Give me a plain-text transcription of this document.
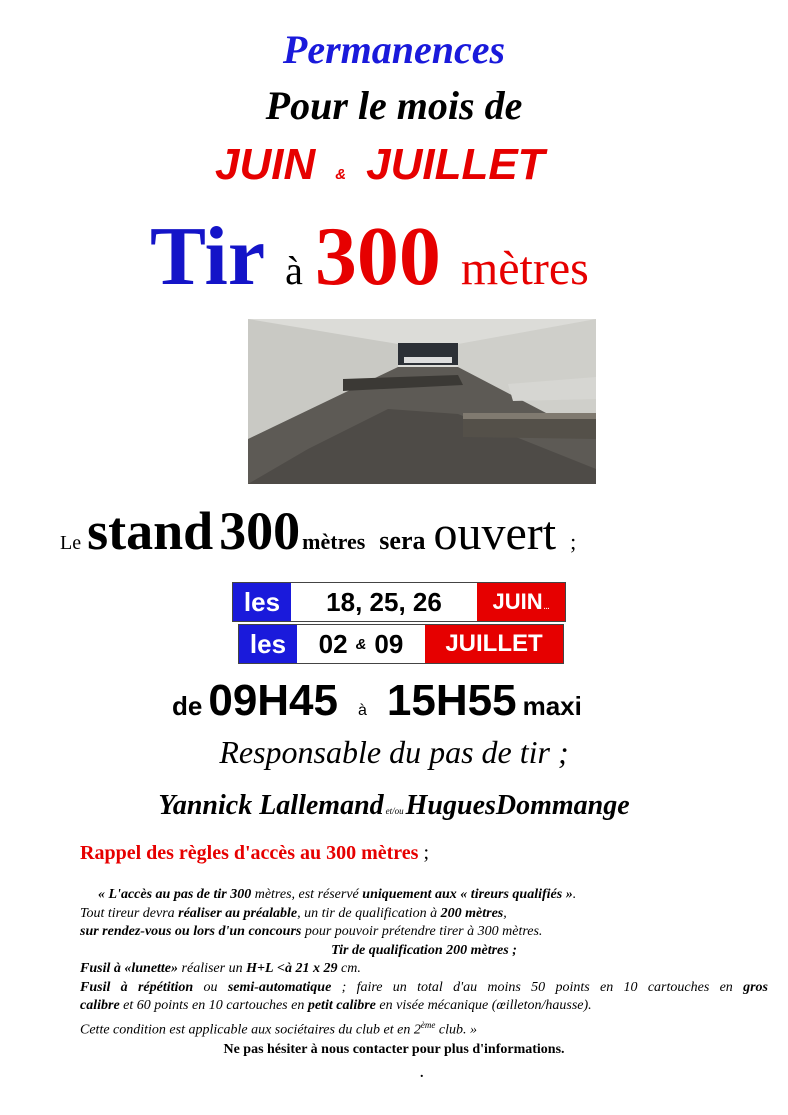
Permanences
Pour le mois de
JUIN & JUILLET
Tir à 300 mètres
Le stand 300mètres sera ouvert ;
les	18, 25, 26	JUIN ...
les	02 & 09	JUILLET
de 09H45 à 15H55 maxi
Responsable du pas de tir ;
Yannick Lallemand et/ouHuguesDommange
Rappel des règles d'accès au 300 mètres ;
« L'accès au pas de tir 300 mètres, est réservé uniquement aux « tireurs qualifiés ».
Tout tireur devra réaliser au préalable, un tir de qualification à 200 mètres,
sur rendez-vous ou lors d'un concours pour pouvoir prétendre tirer à 300 mètres.
Tir de qualification 200 mètres ;
Fusil à «lunette» réaliser un H+L <à 21 x 29 cm.
Fusil à répétition ou semi-automatique ; faire un total d'au moins 50 points en 10 cartouches en gros
calibre et 60 points en 10 cartouches en petit calibre en visée mécanique (œilleton/hausse).
Cette condition est applicable aux sociétaires du club et en 2ème club. »
Ne pas hésiter à nous contacter pour plus d'informations.
.
